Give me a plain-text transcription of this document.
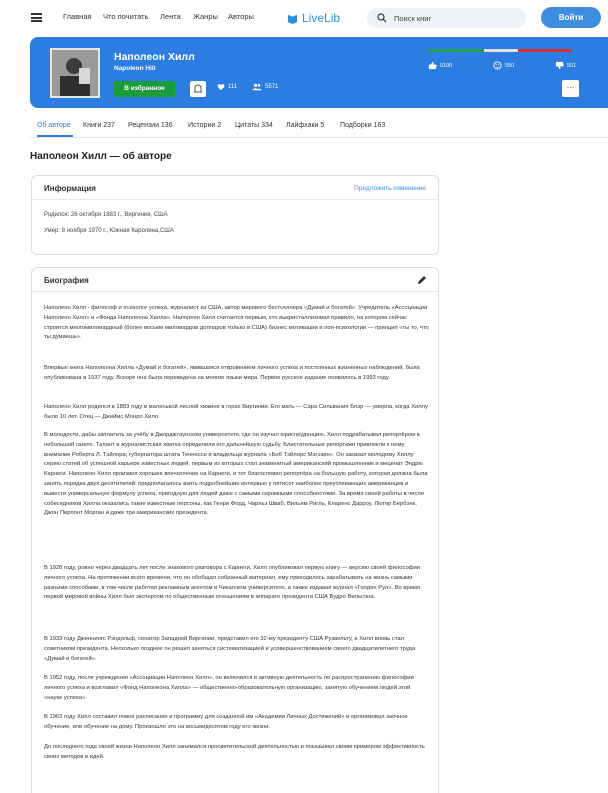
Главная Что почитать Лента Жанры Авторы	LiveLib	Поиск книг	Войти
Наполеон Хилл
Napoleon Hill
В избранное	111	5571
5100	550	551
…
Об авторе Книги 237 Рецензии 136 Истории 2 Цитаты 334 Лайфхаки 5 Подборки 163
Наполеон Хилл — об авторе
Информация	Предложить изменение
Родился: 26 октября 1883 г., Виргиния, США
Умер: 8 ноября 1970 г., Южная Каролина,США
Биография

Наполеон Хилл - философ и психолог успеха, журналист из США, автор мирового бестселлера «Думай и богатей». Учредитель «Ассоциации Наполеон Хилл» и «Фонда Наполеона Хилла». Наполеон Хилл считается первым, кто выкристаллизовал правило, на котором сейчас строится многомиллиардный (более восьми миллиардов долларов только в США) бизнес мотивации и поп-психологии — принцип «ты то, что ты думаешь».

Впервые книга Наполеона Хилла «Думай и богатей», явившаяся откровением личного успеха и постоянных жизненных наблюдений, была опубликована в 1937 году. Вскоре она была переведена на многие языки мира. Первое русское издание появилось в 1993 году.

Наполеон Хилл родился в 1883 году в маленькой лесной хижине в горах Виргинии. Его мать — Сара Сильвания Блэр — умерла, когда Хиллу было 10 лет. Отец — Джеймс Монро Хилл.

В молодости, дабы заплатить за учёбу в Джорджтаунском университете, где он изучал юриспруденцию, Хилл подрабатывал репортёром в небольшой газете. Талант и журналистская хватка определили его дальнейшую судьбу. Блистательные репортажи привлекли к нему внимание Роберта Л. Тэйлора, губернатора штата Теннесси и владельца журнала «Боб Тэйлорс Мэгэзин». Он заказал молодому Хиллу серию статей об успешной карьере известных людей, первым из которых стал знаменитый американский промышленник и меценат Эндрю Карнеги. Наполеон Хилл произвел хорошее впечатление на Карнеги, и тот благословил репортёра на большую работу, которая должна была занять порядка двух десятилетий: предполагалось взять подробнейшие интервью у пятисот наиболее преуспевающих американцев и вывести универсальную формулу успеха, пригодную для людей даже с самыми скромными способностями. За время своей работы в числе собеседников Хилла оказались такие известные персоны, как Генри Форд, Чарльз Шваб, Вильям Ригль, Кларенс Дарроу, Лютер Бербэнк, Джон Пирпонт Морган и даже три американских президента.

В 1928 году, ровно через двадцать лет после знакового разговора с Карнеги, Хилл опубликовал первую книгу — версию своей философии личного успеха. На протяжении всего времени, что он обобщал собранный материал, ему приходилось зарабатывать на жизнь самыми разными способами, в том числе работая рекламным агентом в Чикагском университете, а также издавая журнал «Голден Рул». Во время первой мировой войны Хилл был экспертом по общественным отношениям в аппарате президента США Вудро Вильсона.

В 1933 году Дженнингс Рэндольф, сенатор Западной Виргинии, представил его 32-му президенту США Рузвельту, и Хилл вновь стал советником президента. Несколько позднее он решил заняться систематизацией и усовершенствованием своего двадцатилетнего труда «Думай и богатей».

В 1952 году, после учреждения «Ассоциации Наполеон Хилл», он включился в активную деятельность по распространению философии личного успеха и возглавил «Фонд Наполеона Хилла» — общественно-образовательную организацию, занятую обучением людей этой «науке успеха».

В 1963 году Хилл составил новое расписание и программу для созданной им «Академии Личных Достижений» и организовал заочное обучение, или обучение на дому. Произошло это на восьмидесятом году его жизни.

До последнего года своей жизни Наполеон Хилл занимался просветительской деятельностью и показывал своим примером эффективность своих методов и идей.
